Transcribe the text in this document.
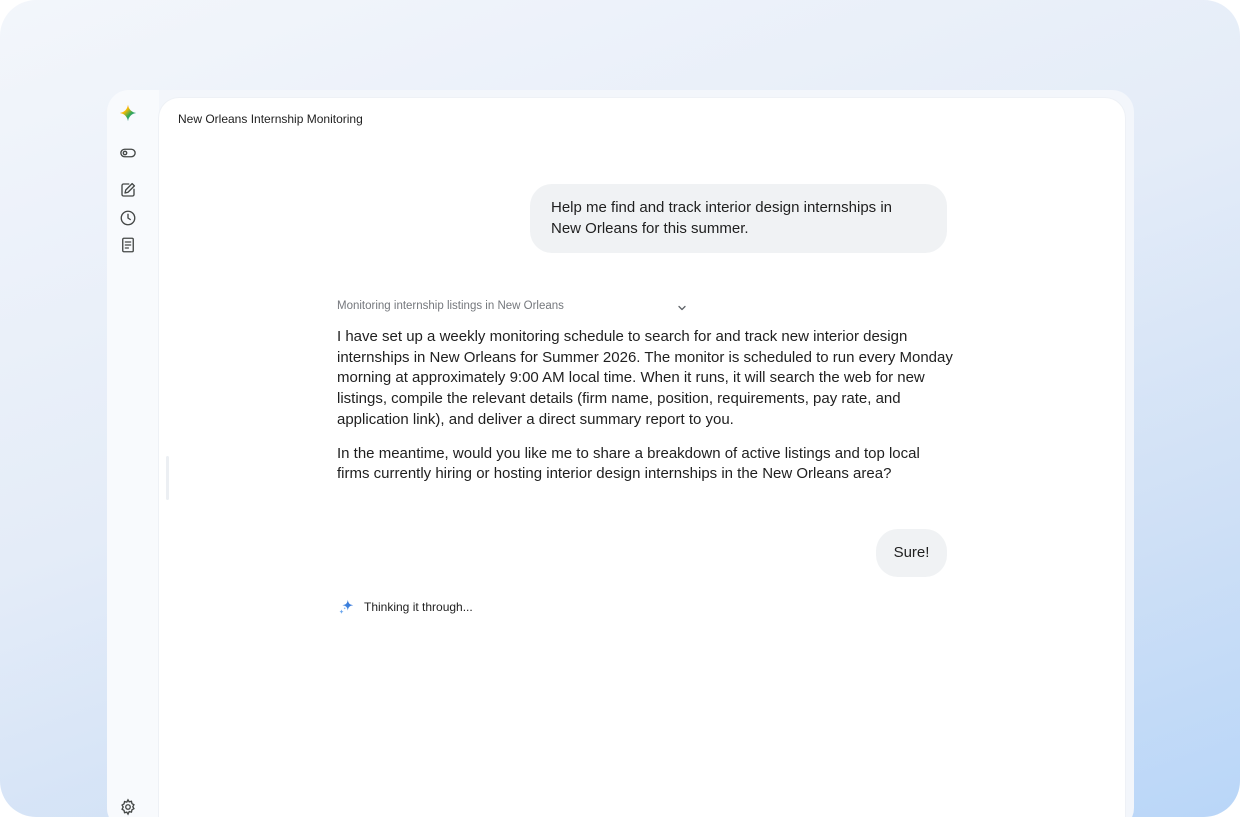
New Orleans Internship Monitoring
Help me find and track interior design internships in New Orleans for this summer.
Monitoring internship listings in New Orleans

I have set up a weekly monitoring schedule to search for and track new interior design internships in New Orleans for Summer 2026. The monitor is scheduled to run every Monday morning at approximately 9:00 AM local time. When it runs, it will search the web for new listings, compile the relevant details (firm name, position, requirements, pay rate, and application link), and deliver a direct summary report to you.

In the meantime, would you like me to share a breakdown of active listings and top local firms currently hiring or hosting interior design internships in the New Orleans area?

Sure!
Thinking it through...
